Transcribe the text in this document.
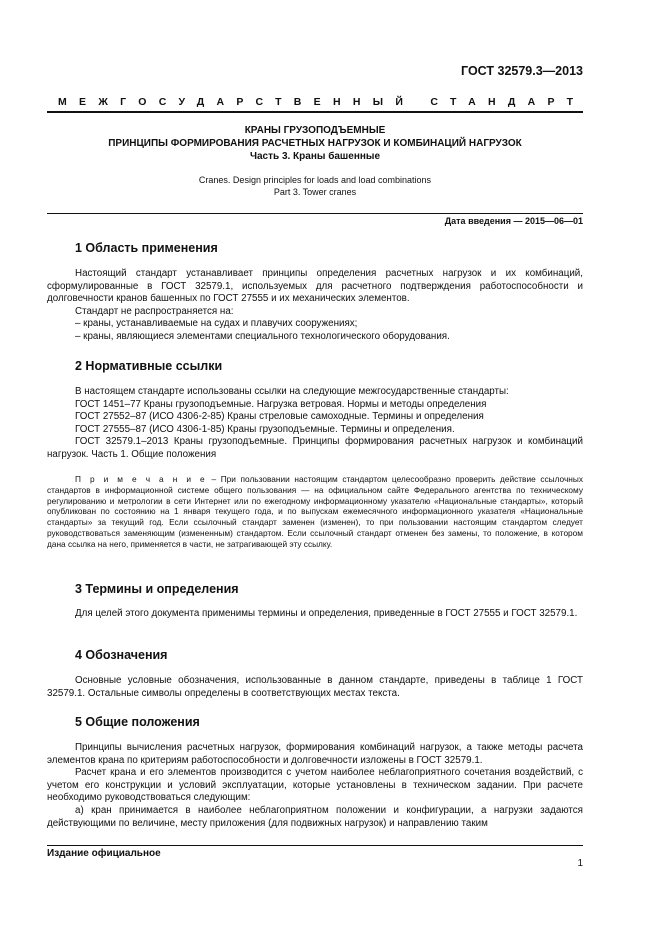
ГОСТ 32579.3—2013
МЕЖГОСУДАРСТВЕННЫЙ СТАНДАРТ
КРАНЫ ГРУЗОПОДЪЕМНЫЕ
ПРИНЦИПЫ ФОРМИРОВАНИЯ РАСЧЕТНЫХ НАГРУЗОК И КОМБИНАЦИЙ НАГРУЗОК
Часть 3. Краны башенные
Cranes. Design principles for loads and load combinations
Part 3. Tower cranes
Дата введения — 2015—06—01
1 Область применения

Настоящий стандарт устанавливает принципы определения расчетных нагрузок и их комбинаций, сформулированные в ГОСТ 32579.1, используемых для расчетного подтверждения работоспособности и долговечности кранов башенных по ГОСТ 27555 и их механических элементов.

Стандарт не распространяется на:

– краны, устанавливаемые на судах и плавучих сооружениях;

– краны, являющиеся элементами специального технологического оборудования.

2 Нормативные ссылки

В настоящем стандарте использованы ссылки на следующие межгосударственные стандарты:

ГОСТ 1451–77 Краны грузоподъемные. Нагрузка ветровая. Нормы и методы определения

ГОСТ 27552–87 (ИСО 4306-2-85) Краны стреловые самоходные. Термины и определения

ГОСТ 27555–87 (ИСО 4306-1-85) Краны грузоподъемные. Термины и определения.

ГОСТ 32579.1–2013 Краны грузоподъемные. Принципы формирования расчетных нагрузок и комбинаций нагрузок. Часть 1. Общие положения

П р и м е ч а н и е – При пользовании настоящим стандартом целесообразно проверить действие ссылочных стандартов в информационной системе общего пользования — на официальном сайте Федерального агентства по техническому регулированию и метрологии в сети Интернет или по ежегодному информационному указателю «Национальные стандарты», который опубликован по состоянию на 1 января текущего года, и по выпускам ежемесячного информационного указателя «Национальные стандарты» за текущий год. Если ссылочный стандарт заменен (изменен), то при пользовании настоящим стандартом следует руководствоваться заменяющим (измененным) стандартом. Если ссылочный стандарт отменен без замены, то положение, в котором дана ссылка на него, применяется в части, не затрагивающей эту ссылку.

3 Термины и определения

Для целей этого документа применимы термины и определения, приведенные в ГОСТ 27555 и ГОСТ 32579.1.

4 Обозначения

Основные условные обозначения, использованные в данном стандарте, приведены в таблице 1 ГОСТ 32579.1. Остальные символы определены в соответствующих местах текста.

5 Общие положения

Принципы вычисления расчетных нагрузок, формирования комбинаций нагрузок, а также методы расчета элементов крана по критериям работоспособности и долговечности изложены в ГОСТ 32579.1.

Расчет крана и его элементов производится с учетом наиболее неблагоприятного сочетания воздействий, с учетом его конструкции и условий эксплуатации, которые установлены в техническом задании. При расчете необходимо руководствоваться следующим:

а) кран принимается в наиболее неблагоприятном положении и конфигурации, а нагрузки задаются действующими по величине, месту приложения (для подвижных нагрузок) и направлению таким

Издание официальное
1
